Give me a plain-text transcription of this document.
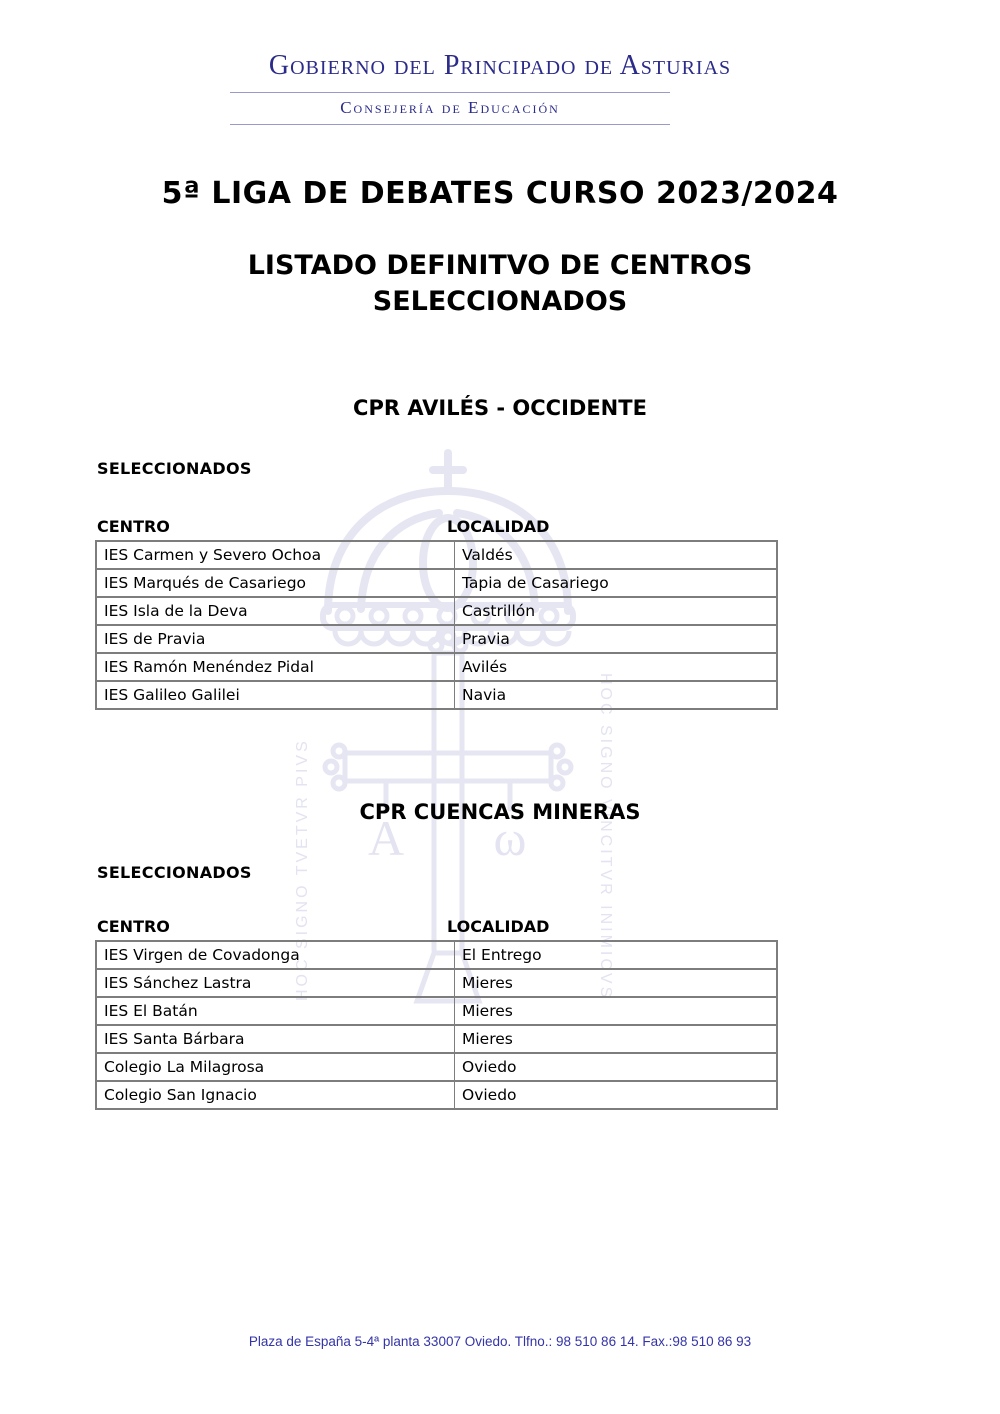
Α ω
HOC SIGNO TVETVR PIVS	HOC SIGNO VINCITVR INIMICVS
Gobierno del Principado de Asturias
Consejería de Educación
5ª LIGA DE DEBATES CURSO 2023/2024
LISTADO DEFINITVO DE CENTROS
SELECCIONADOS
CPR AVILÉS - OCCIDENTE
SELECCIONADOS
CENTRO	LOCALIDAD
IES Carmen y Severo Ochoa	Valdés
IES Marqués de Casariego	Tapia de Casariego
IES Isla de la Deva	Castrillón
IES de Pravia	Pravia
IES Ramón Menéndez Pidal	Avilés
IES Galileo Galilei	Navia
CPR CUENCAS MINERAS
SELECCIONADOS
CENTRO	LOCALIDAD
IES Virgen de Covadonga	El Entrego
IES Sánchez Lastra	Mieres
IES El Batán	Mieres
IES Santa Bárbara	Mieres
Colegio La Milagrosa	Oviedo
Colegio San Ignacio	Oviedo
Plaza de España 5-4ª planta 33007 Oviedo. Tlfno.: 98 510 86 14. Fax.:98 510 86 93
